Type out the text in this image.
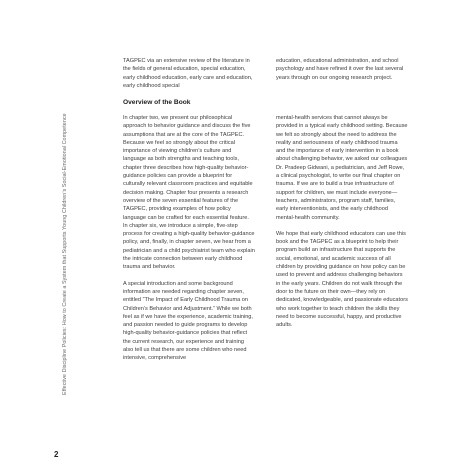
Effective Discipline Policies: How to Create a System that Supports Young Children’s Social-Emotional Competence

TAGPEC via an extensive review of the literature in the fields of general education, special education, early childhood education, early care and education, early childhood special

education, educational administration, and school psychology and have refined it over the last several years through on our ongoing research project.

Overview of the Book

In chapter two, we present our philosophical approach to behavior guidance and discuss the five assumptions that are at the core of the TAGPEC. Because we feel so strongly about the critical importance of viewing children’s culture and language as both strengths and teaching tools, chapter three describes how high-quality behavior-guidance policies can provide a blueprint for culturally relevant classroom practices and equitable decision making. Chapter four presents a research overview of the seven essential features of the TAGPEC, providing examples of how policy language can be crafted for each essential feature. In chapter six, we introduce a simple, five-step process for creating a high-quality behavior-guidance policy, and, finally, in chapter seven, we hear from a pediatrician and a child psychiatrist team who explain the intricate connection between early childhood trauma and behavior.

A special introduction and some background information are needed regarding chapter seven, entitled “The Impact of Early Childhood Trauma on Children’s Behavior and Adjustment.” While we both feel as if we have the experience, academic training, and passion needed to guide programs to develop high-quality behavior-guidance policies that reflect the current research, our experience and training also tell us that there are some children who need intensive, comprehensive

mental-health services that cannot always be provided in a typical early childhood setting. Because we felt so strongly about the need to address the reality and seriousness of early childhood trauma and the importance of early intervention in a book about challenging behavior, we asked our colleagues Dr. Pradeep Gidwani, a pediatrician, and Jeff Rowe, a clinical psychologist, to write our final chapter on trauma. If we are to build a true infrastructure of support for children, we must include everyone—teachers, administrators, program staff, families, early interventionists, and the early childhood mental-health community.

We hope that early childhood educators can use this book and the TAGPEC as a blueprint to help their program build an infrastructure that supports the social, emotional, and academic success of all children by providing guidance on how policy can be used to prevent and address challenging behaviors in the early years. Children do not walk through the door to the future on their own—they rely on dedicated, knowledgeable, and passionate educators who work together to teach children the skills they need to become successful, happy, and productive adults.

2
